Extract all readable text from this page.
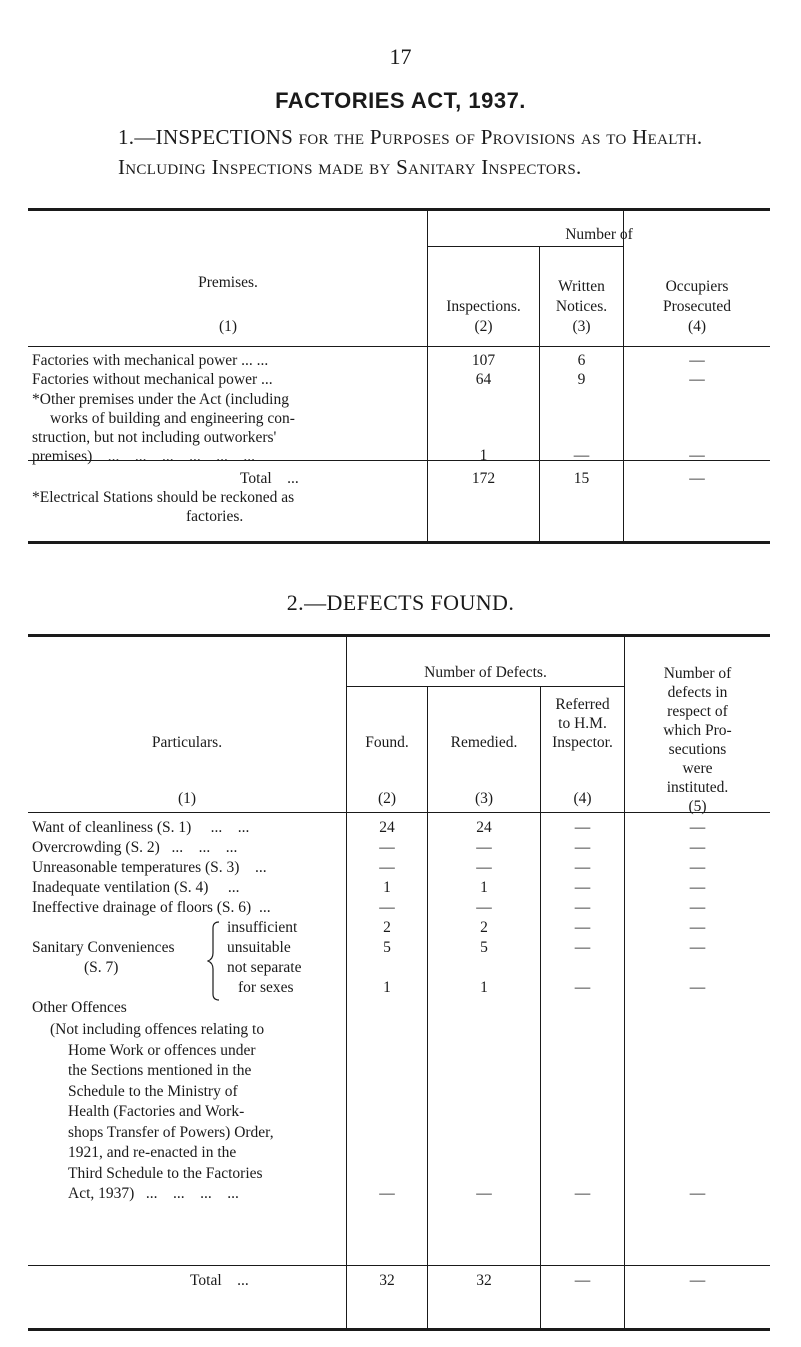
17
FACTORIES ACT, 1937.
1.—INSPECTIONS for the Purposes of Provisions as to Health.
Including Inspections made by Sanitary Inspectors.
Number of
Premises.
(1)
Inspections.
(2)
Written
Notices.
(3)
Occupiers
Prosecuted
(4)
Factories with mechanical power ... ...	107	6	—
Factories without mechanical power ...	64	9	—
*Other premises under the Act (including
works of building and engineering con-
struction, but not including outworkers'
premises)    ...    ...    ...    ...    ...    ...	1	—	—
Total    ...	172	15	—
*Electrical Stations should be reckoned as
factories.
2.—DEFECTS FOUND.
Number of Defects.
Particulars.
(1)
Found.
(2)
Remedied.
(3)
Referred
to H.M.
Inspector.
(4)
Number of
defects in
respect of
which Pro-
secutions
were
instituted.
(5)
Want of cleanliness (S. 1)     ...    ...	24	24	—	—
Overcrowding (S. 2)   ...    ...    ...	—	—	—	—
Unreasonable temperatures (S. 3)    ...	—	—	—	—
Inadequate ventilation (S. 4)     ...	1	1	—	—
Ineffective drainage of floors (S. 6)  ...	—	—	—	—
Sanitary Conveniences
(S. 7)
insufficient	2	2	—	—
unsuitable	5	5	—	—
not separate
for sexes	1	1	—	—
Other Offences
(Not including offences relating to
Home Work or offences under
the Sections mentioned in the
Schedule to the Ministry of
Health (Factories and Work-
shops Transfer of Powers) Order,
1921, and re-enacted in the
Third Schedule to the Factories
Act, 1937)   ...    ...    ...    ...	—	—	—	—
Total    ...	32	32	—	—
